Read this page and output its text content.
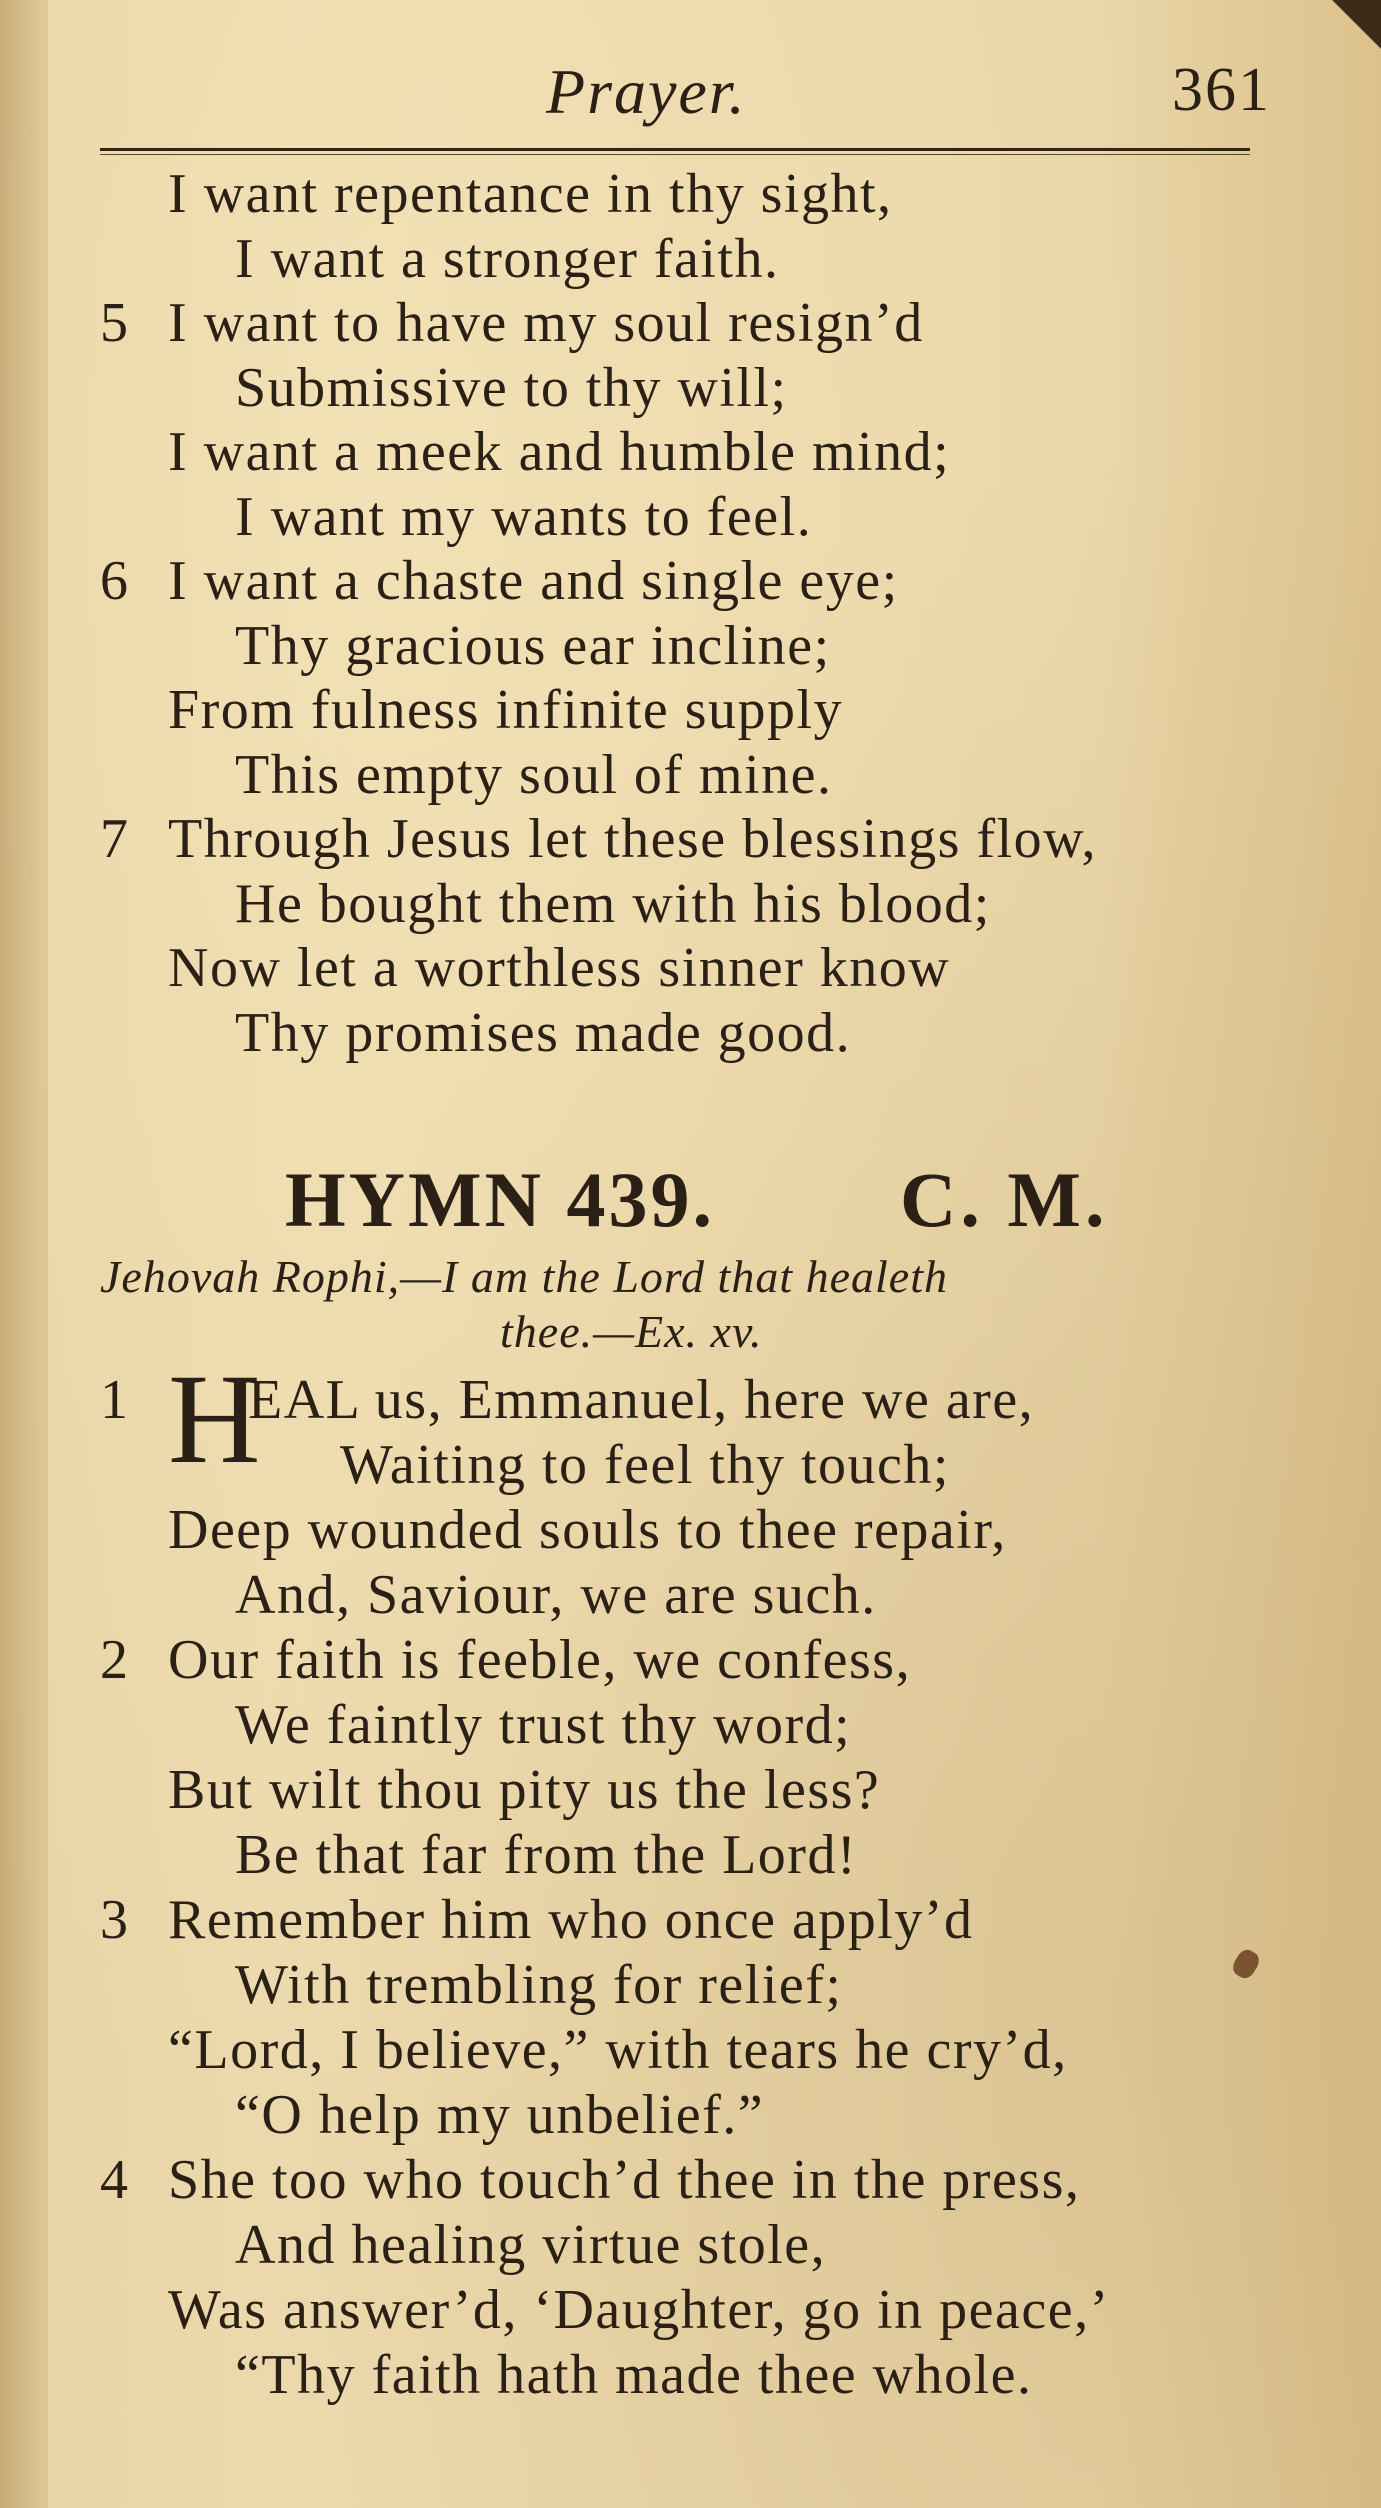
Prayer.	361
I want repentance in thy sight,
I want a stronger faith.
5 I want to have my soul resign’d
Submissive to thy will;
I want a meek and humble mind;
I want my wants to feel.
6 I want a chaste and single eye;
Thy gracious ear incline;
From fulness infinite supply
This empty soul of mine.
7 Through Jesus let these blessings flow,
He bought them with his blood;
Now let a worthless sinner know
Thy promises made good.
HYMN 439. C. M.
Jehovah Rophi,—I am the Lord that healeth
thee.—Ex. xv.
H
1 EAL us, Emmanuel, here we are,
Waiting to feel thy touch;
Deep wounded souls to thee repair,
And, Saviour, we are such.
2 Our faith is feeble, we confess,
We faintly trust thy word;
But wilt thou pity us the less?
Be that far from the Lord!
3 Remember him who once apply’d
With trembling for relief;
“Lord, I believe,” with tears he cry’d,
“O help my unbelief.”
4 She too who touch’d thee in the press,
And healing virtue stole,
Was answer’d, ‘Daughter, go in peace,’
“Thy faith hath made thee whole.
